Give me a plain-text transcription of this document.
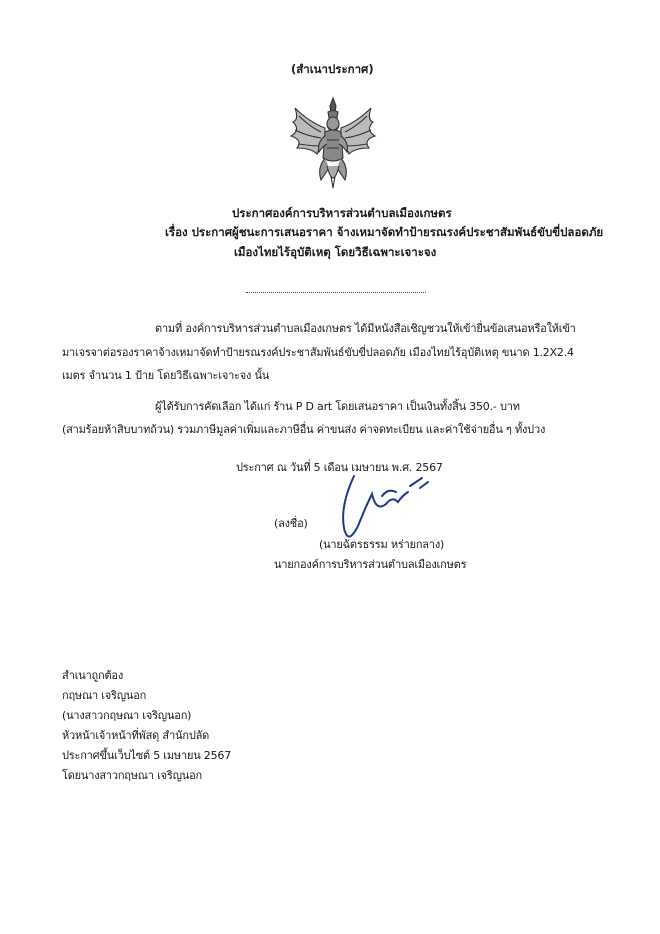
(สำเนาประกาศ)
ประกาศองค์การบริหารส่วนตำบลเมืองเกษตร
เรื่อง ประกาศผู้ชนะการเสนอราคา จ้างเหมาจัดทำป้ายรณรงค์ประชาสัมพันธ์ขับขี่ปลอดภัย
เมืองไทยไร้อุบัติเหตุ โดยวิธีเฉพาะเจาะจง
ตามที่ องค์การบริหารส่วนตำบลเมืองเกษตร ได้มีหนังสือเชิญชวนให้เข้ายื่นข้อเสนอหรือให้เข้า
มาเจรจาต่อรองราคาจ้างเหมาจัดทำป้ายรณรงค์ประชาสัมพันธ์ขับขี่ปลอดภัย เมืองไทยไร้อุบัติเหตุ ขนาด 1.2X2.4
เมตร จำนวน 1 ป้าย โดยวิธีเฉพาะเจาะจง นั้น
ผู้ได้รับการคัดเลือก ได้แก่ ร้าน P D art โดยเสนอราคา เป็นเงินทั้งสิ้น 350.- บาท
(สามร้อยห้าสิบบาทถ้วน) รวมภาษีมูลค่าเพิ่มและภาษีอื่น ค่าขนส่ง ค่าจดทะเบียน และค่าใช้จ่ายอื่น ๆ ทั้งปวง
ประกาศ ณ วันที่ 5 เดือน เมษายน พ.ศ. 2567
(ลงชื่อ)
(นายฉัตรธรรม หร่ายกลาง)
นายกองค์การบริหารส่วนตำบลเมืองเกษตร
สำเนาถูกต้อง
กฤษณา เจริญนอก
(นางสาวกฤษณา เจริญนอก)
หัวหน้าเจ้าหน้าที่พัสดุ สำนักปลัด
ประกาศขึ้นเว็บไซต์ 5 เมษายน 2567
โดยนางสาวกฤษณา เจริญนอก
